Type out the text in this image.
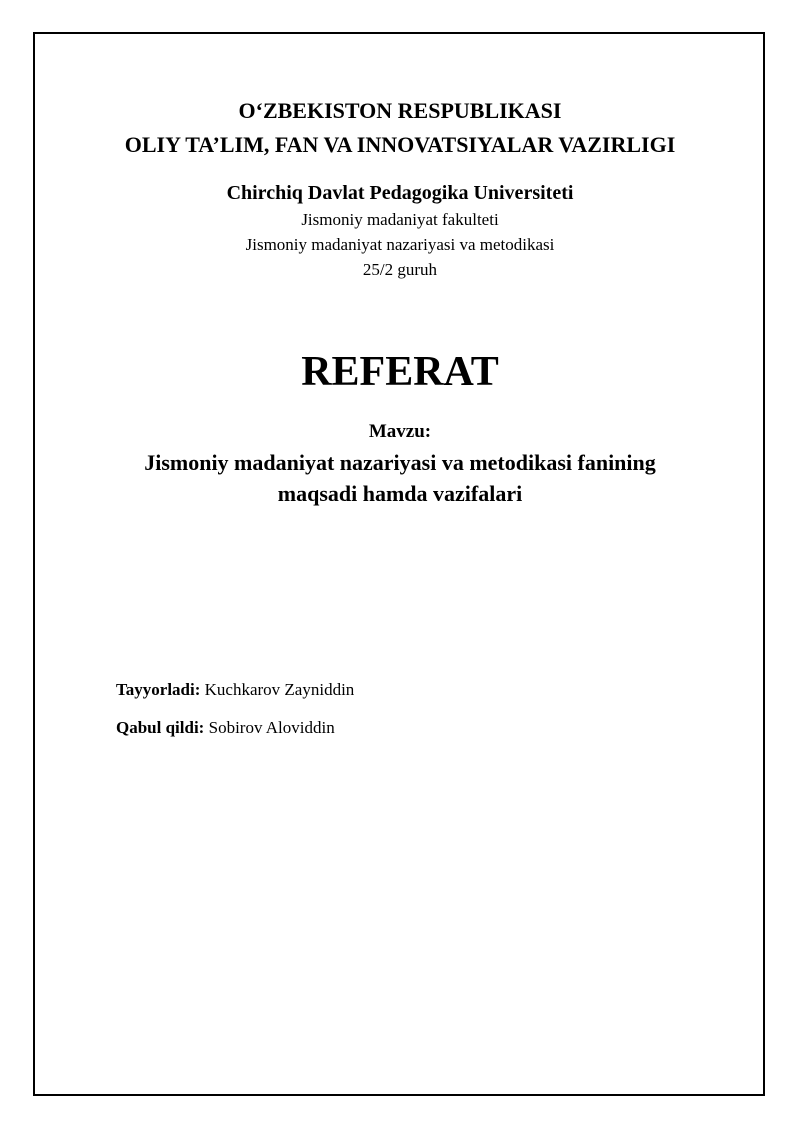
O‘ZBEKISTON RESPUBLIKASI
OLIY TA’LIM, FAN VA INNOVATSIYALAR VAZIRLIGI
Chirchiq Davlat Pedagogika Universiteti
Jismoniy madaniyat fakulteti
Jismoniy madaniyat nazariyasi va metodikasi
25/2 guruh
REFERAT
Mavzu:
Jismoniy madaniyat nazariyasi va metodikasi fanining
maqsadi hamda vazifalari
Tayyorladi: Kuchkarov Zayniddin
Qabul qildi: Sobirov Aloviddin
